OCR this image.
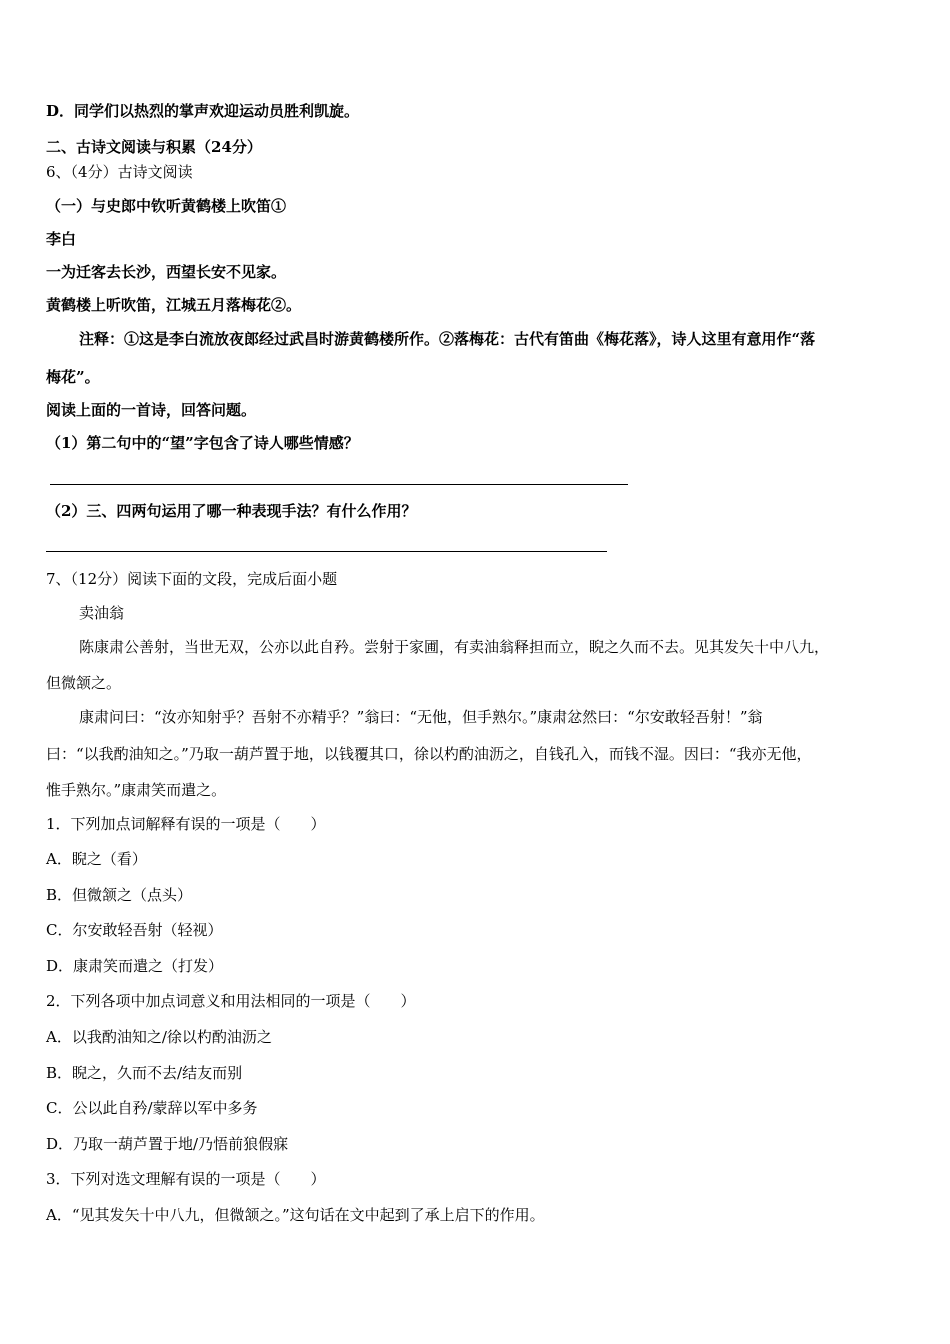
D．同学们以热烈的掌声欢迎运动员胜利凯旋。
二、古诗文阅读与积累（24分）
6、（4分）古诗文阅读
（一）与史郎中钦听黄鹤楼上吹笛①
李白
一为迁客去长沙，西望长安不见家。
黄鹤楼上听吹笛，江城五月落梅花②。
注释：①这是李白流放夜郎经过武昌时游黄鹤楼所作。②落梅花：古代有笛曲《梅花落》，诗人这里有意用作“落
梅花”。
阅读上面的一首诗，回答问题。
（1）第二句中的“望”字包含了诗人哪些情感？
（2）三、四两句运用了哪一种表现手法？有什么作用？
7、（12分）阅读下面的文段，完成后面小题
卖油翁
陈康肃公善射，当世无双，公亦以此自矜。尝射于家圃，有卖油翁释担而立，睨之久而不去。见其发矢十中八九，
但微颔之。
康肃问曰：“汝亦知射乎？吾射不亦精乎？”翁曰：“无他，但手熟尔。”康肃忿然曰：“尔安敢轻吾射！”翁
曰：“以我酌油知之。”乃取一葫芦置于地，以钱覆其口，徐以杓酌油沥之，自钱孔入，而钱不湿。因曰：“我亦无他，
惟手熟尔。”康肃笑而遣之。
1．下列加点词解释有误的一项是（　　）
A．睨之（看）
B．但微颔之（点头）
C．尔安敢轻吾射（轻视）
D．康肃笑而遣之（打发）
2．下列各项中加点词意义和用法相同的一项是（　　）
A．以我酌油知之/徐以杓酌油沥之
B．睨之，久而不去/结友而别
C．公以此自矜/蒙辞以军中多务
D．乃取一葫芦置于地/乃悟前狼假寐
3．下列对选文理解有误的一项是（　　）
A．“见其发矢十中八九，但微颔之。”这句话在文中起到了承上启下的作用。
